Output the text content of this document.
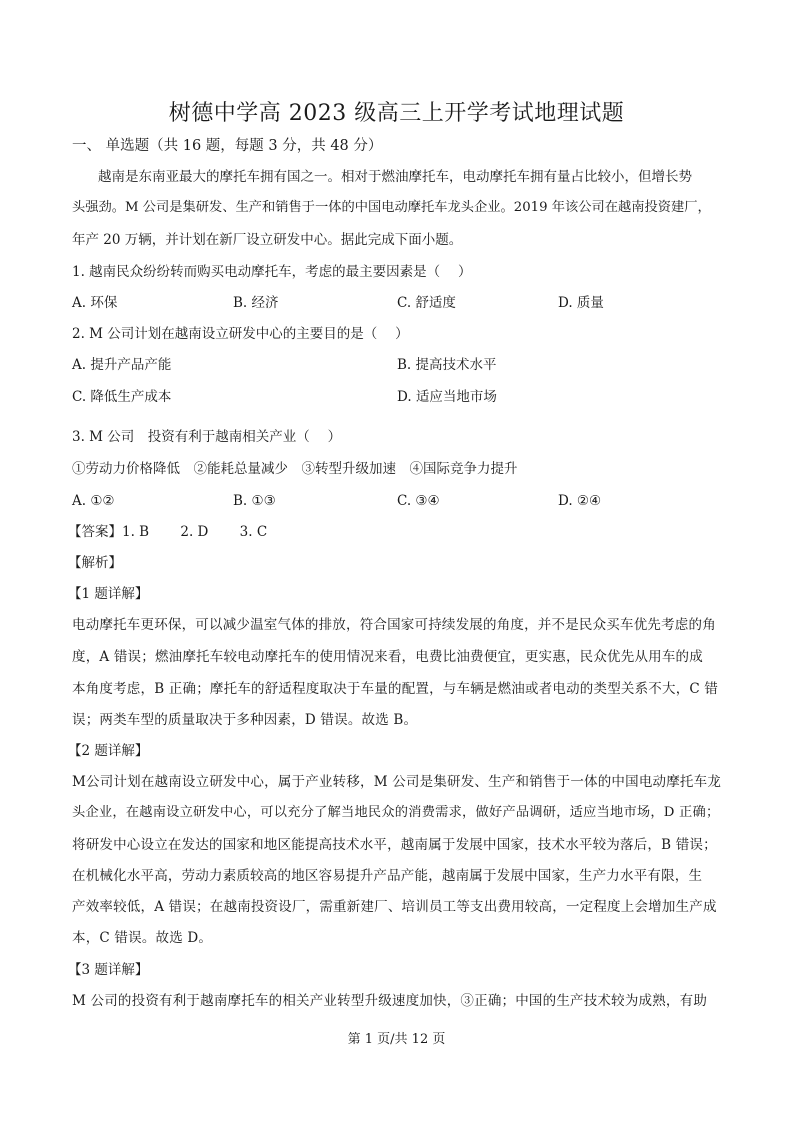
树德中学高 2023 级高三上开学考试地理试题
一、 单选题（共 16 题，每题 3 分，共 48 分）
越南是东南亚最大的摩托车拥有国之一。相对于燃油摩托车，电动摩托车拥有量占比较小，但增长势
头强劲。M 公司是集研发、生产和销售于一体的中国电动摩托车龙头企业。2019 年该公司在越南投资建厂，
年产 20 万辆，并计划在新厂设立研发中心。据此完成下面小题。
1. 越南民众纷纷转而购买电动摩托车，考虑的最主要因素是（　 ）
A. 环保	B. 经济	C. 舒适度	D. 质量
2. M 公司计划在越南设立研发中心的主要目的是（　 ）
A. 提升产品产能	B. 提高技术水平
C. 降低生产成本	D. 适应当地市场
3. M 公司　投资有利于越南相关产业（　 ）
①劳动力价格降低　②能耗总量减少　③转型升级加速　④国际竞争力提升
A. ①②	B. ①③	C. ③④	D. ②④
【答案】1. B　　 2. D　　 3. C
【解析】
【1 题详解】
电动摩托车更环保，可以减少温室气体的排放，符合国家可持续发展的角度，并不是民众买车优先考虑的角
度，A 错误；燃油摩托车较电动摩托车的使用情况来看，电费比油费便宜，更实惠，民众优先从用车的成
本角度考虑，B 正确；摩托车的舒适程度取决于车量的配置，与车辆是燃油或者电动的类型关系不大，C 错
误；两类车型的质量取决于多种因素，D 错误。故选 B。
【2 题详解】
M公司计划在越南设立研发中心，属于产业转移，M 公司是集研发、生产和销售于一体的中国电动摩托车龙
头企业，在越南设立研发中心，可以充分了解当地民众的消费需求，做好产品调研，适应当地市场，D 正确；
将研发中心设立在发达的国家和地区能提高技术水平，越南属于发展中国家，技术水平较为落后，B 错误；
在机械化水平高，劳动力素质较高的地区容易提升产品产能，越南属于发展中国家，生产力水平有限，生
产效率较低，A 错误；在越南投资设厂，需重新建厂、培训员工等支出费用较高，一定程度上会增加生产成
本，C 错误。故选 D。
【3 题详解】
M 公司的投资有利于越南摩托车的相关产业转型升级速度加快，③正确；中国的生产技术较为成熟，有助
第 1 页/共 12 页
